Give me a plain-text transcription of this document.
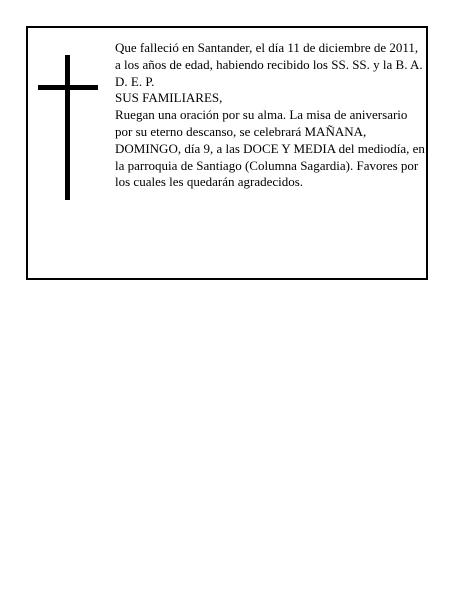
Que falleció en Santander, el día 11 de diciembre de 2011, a los años de edad, habiendo recibido los SS. SS. y la B. A.

D. E. P.

SUS FAMILIARES,

Ruegan una oración por su alma. La misa de aniversario por su eterno descanso, se celebrará MAÑANA, DOMINGO, día 9, a las DOCE Y MEDIA del mediodía, en la parroquia de Santiago (Columna Sagardia). Favores por los cuales les quedarán agradecidos.
